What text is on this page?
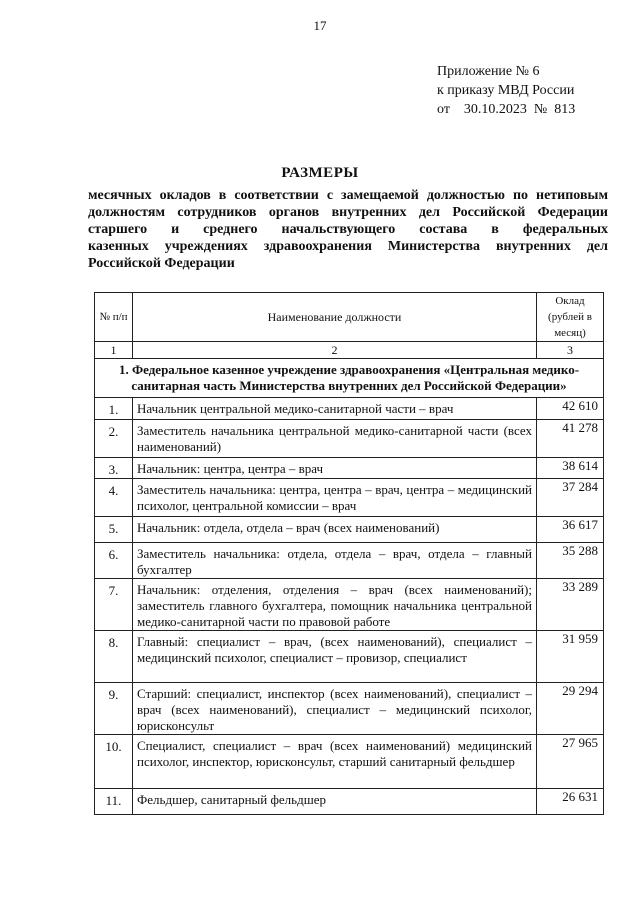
17
Приложение № 6
к приказу МВД России
от    30.10.2023  №  813
РАЗМЕРЫ
месячных окладов в соответствии с замещаемой должностью по нетиповым
должностям сотрудников органов внутренних дел Российской Федерации
старшего и среднего начальствующего состава в федеральных
казенных учреждениях здравоохранения Министерства внутренних дел
Российской Федерации
№ п/п	Наименование должности	Оклад (рублей в месяц)
1	2	3
1. Федеральное казенное учреждение здравоохранения «Центральная медико-санитарная часть Министерства внутренних дел Российской Федерации»		
1.	Начальник центральной медико-санитарной части – врач	42 610
2.	Заместитель начальника центральной медико-санитарной части (всех наименований)	41 278
3.	Начальник: центра, центра – врач	38 614
4.	Заместитель начальника: центра, центра – врач, центра – медицинский психолог, центральной комиссии – врач	37 284
5.	Начальник: отдела, отдела – врач (всех наименований)	36 617
6.	Заместитель начальника: отдела, отдела – врач, отдела – главный бухгалтер	35 288
7.	Начальник: отделения, отделения – врач (всех наименований); заместитель главного бухгалтера, помощник начальника центральной медико-санитарной части по правовой работе	33 289
8.	Главный: специалист – врач, (всех наименований), специалист – медицинский психолог, специалист – провизор, специалист	31 959
9.	Старший: специалист, инспектор (всех наименований), специалист – врач (всех наименований), специалист – медицинский психолог, юрисконсульт	29 294
10.	Специалист, специалист – врач (всех наименований) медицинский психолог, инспектор, юрисконсульт, старший санитарный фельдшер	27 965
11.	Фельдшер, санитарный фельдшер	26 631
